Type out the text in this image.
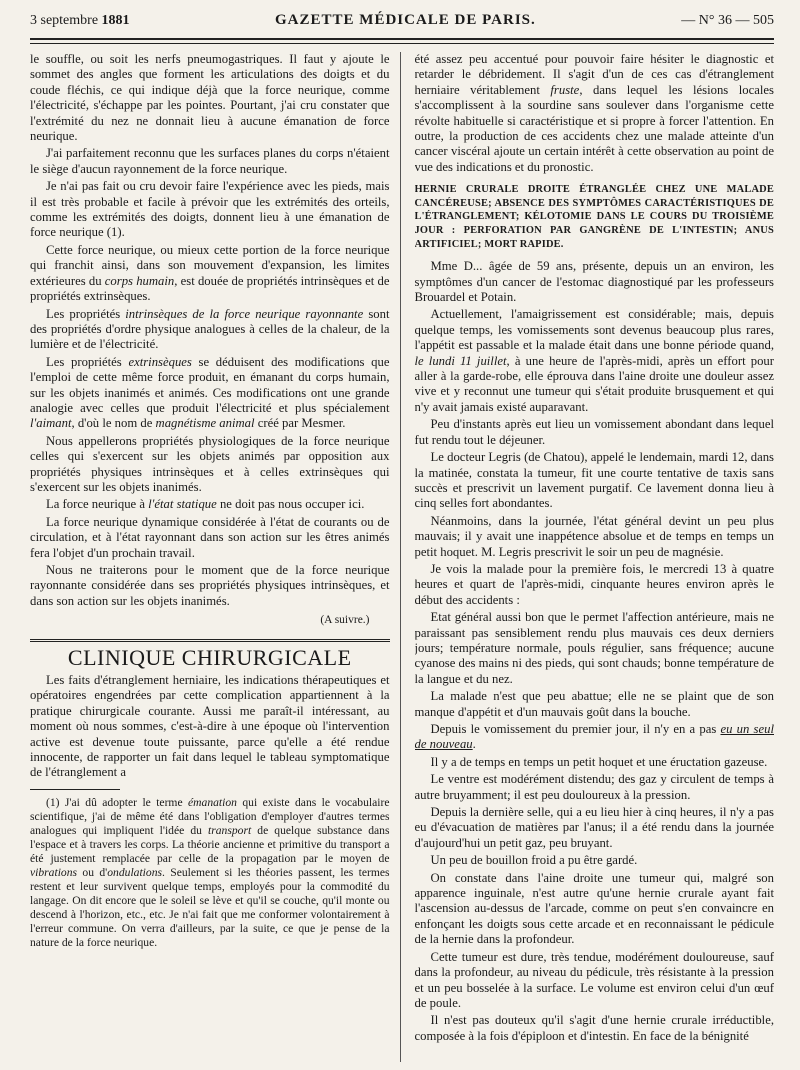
3 septembre 1881	GAZETTE MÉDICALE DE PARIS.	— N° 36 — 505

le souffle, ou soit les nerfs pneumogastriques. Il faut y ajoute le sommet des angles que forment les articulations des doigts et du coude fléchis, ce qui indique déjà que la force neurique, comme l'électricité, s'échappe par les pointes. Pourtant, j'ai cru constater que l'extrémité du nez ne donnait lieu à aucune émanation de force neurique.

J'ai parfaitement reconnu que les surfaces planes du corps n'étaient le siège d'aucun rayonnement de la force neurique.

Je n'ai pas fait ou cru devoir faire l'expérience avec les pieds, mais il est très probable et facile à prévoir que les extrémités des orteils, comme les extrémités des doigts, donnent lieu à une émanation de force neurique (1).

Cette force neurique, ou mieux cette portion de la force neurique qui franchit ainsi, dans son mouvement d'expansion, les limites extérieures du corps humain, est douée de propriétés intrinsèques et de propriétés extrinsèques.

Les propriétés intrinsèques de la force neurique rayonnante sont des propriétés d'ordre physique analogues à celles de la chaleur, de la lumière et de l'électricité.

Les propriétés extrinsèques se déduisent des modifications que l'emploi de cette même force produit, en émanant du corps humain, sur les objets inanimés et animés. Ces modifications ont une grande analogie avec celles que produit l'électricité et plus spécialement l'aimant, d'où le nom de magnétisme animal créé par Mesmer.

Nous appellerons propriétés physiologiques de la force neurique celles qui s'exercent sur les objets animés par opposition aux propriétés physiques intrinsèques et à celles extrinsèques qui s'exercent sur les objets inanimés.

La force neurique à l'état statique ne doit pas nous occuper ici.

La force neurique dynamique considérée à l'état de courants ou de circulation, et à l'état rayonnant dans son action sur les êtres animés fera l'objet d'un prochain travail.

Nous ne traiterons pour le moment que de la force neurique rayonnante considérée dans ses propriétés physiques intrinsèques, et dans son action sur les objets inanimés.

(A suivre.)
CLINIQUE CHIRURGICALE

Les faits d'étranglement herniaire, les indications thérapeutiques et opératoires engendrées par cette complication appartiennent à la pratique chirurgicale courante. Aussi me paraît-il intéressant, au moment où nous sommes, c'est-à-dire à une époque où l'intervention active est devenue toute puissante, parce qu'elle a été rendue innocente, de rapporter un fait dans lequel le tableau symptomatique de l'étranglement a

(1) J'ai dû adopter le terme émanation qui existe dans le vocabulaire scientifique, j'ai de même été dans l'obligation d'employer d'autres termes analogues qui impliquent l'idée du transport de quelque substance dans l'espace et à travers les corps. La théorie ancienne et primitive du transport a été justement remplacée par celle de la propagation par le moyen de vibrations ou d'ondulations. Seulement si les théories passent, les termes restent et leur survivent quelque temps, employés pour la commodité du langage. On dit encore que le soleil se lève et qu'il se couche, qu'il monte ou descend à l'horizon, etc., etc. Je n'ai fait que me conformer volontairement à l'erreur commune. On verra d'ailleurs, par la suite, ce que je pense de la nature de la force neurique.

été assez peu accentué pour pouvoir faire hésiter le diagnostic et retarder le débridement. Il s'agit d'un de ces cas d'étranglement herniaire véritablement fruste, dans lequel les lésions locales s'accomplissent à la sourdine sans soulever dans l'organisme cette révolte habituelle si caractéristique et si propre à forcer l'attention. En outre, la production de ces accidents chez une malade atteinte d'un cancer viscéral ajoute un certain intérêt à cette observation au point de vue des indications et du pronostic.

HERNIE CRURALE DROITE ÉTRANGLÉE CHEZ UNE MALADE CANCÉREUSE; ABSENCE DES SYMPTÔMES CARACTÉRISTIQUES DE L'ÉTRANGLEMENT; KÉLOTOMIE DANS LE COURS DU TROISIÈME JOUR : PERFORATION PAR GANGRÈNE DE L'INTESTIN; ANUS ARTIFICIEL; MORT RAPIDE.

Mme D... âgée de 59 ans, présente, depuis un an environ, les symptômes d'un cancer de l'estomac diagnostiqué par les professeurs Brouardel et Potain.

Actuellement, l'amaigrissement est considérable; mais, depuis quelque temps, les vomissements sont devenus beaucoup plus rares, l'appétit est passable et la malade était dans une bonne période quand, le lundi 11 juillet, à une heure de l'après-midi, après un effort pour aller à la garde-robe, elle éprouva dans l'aine droite une douleur assez vive et y reconnut une tumeur qui s'était produite brusquement et qui n'y avait jamais existé auparavant.

Peu d'instants après eut lieu un vomissement abondant dans lequel fut rendu tout le déjeuner.

Le docteur Legris (de Chatou), appelé le lendemain, mardi 12, dans la matinée, constata la tumeur, fit une courte tentative de taxis sans succès et prescrivit un lavement purgatif. Ce lavement donna lieu à cinq selles fort abondantes.

Néanmoins, dans la journée, l'état général devint un peu plus mauvais; il y avait une inappétence absolue et de temps en temps un petit hoquet. M. Legris prescrivit le soir un peu de magnésie.

Je vois la malade pour la première fois, le mercredi 13 à quatre heures et quart de l'après-midi, cinquante heures environ après le début des accidents :

Etat général aussi bon que le permet l'affection antérieure, mais ne paraissant pas sensiblement rendu plus mauvais ces deux derniers jours; température normale, pouls régulier, sans fréquence; aucune cyanose des mains ni des pieds, qui sont chauds; bonne température de la langue et du nez.

La malade n'est que peu abattue; elle ne se plaint que de son manque d'appétit et d'un mauvais goût dans la bouche.

Depuis le vomissement du premier jour, il n'y en a pas eu un seul de nouveau.

Il y a de temps en temps un petit hoquet et une éructation gazeuse.

Le ventre est modérément distendu; des gaz y circulent de temps à autre bruyamment; il est peu douloureux à la pression.

Depuis la dernière selle, qui a eu lieu hier à cinq heures, il n'y a pas eu d'évacuation de matières par l'anus; il a été rendu dans la journée d'aujourd'hui un petit gaz, peu bruyant.

Un peu de bouillon froid a pu être gardé.

On constate dans l'aine droite une tumeur qui, malgré son apparence inguinale, n'est autre qu'une hernie crurale ayant fait l'ascension au-dessus de l'arcade, comme on peut s'en convaincre en enfonçant les doigts sous cette arcade et en reconnaissant le pédicule de la hernie dans la profondeur.

Cette tumeur est dure, très tendue, modérément douloureuse, sauf dans la profondeur, au niveau du pédicule, très résistante à la pression et un peu bosselée à la surface. Le volume est environ celui d'un œuf de poule.

Il n'est pas douteux qu'il s'agit d'une hernie crurale irréductible, composée à la fois d'épiploon et d'intestin. En face de la bénignité
